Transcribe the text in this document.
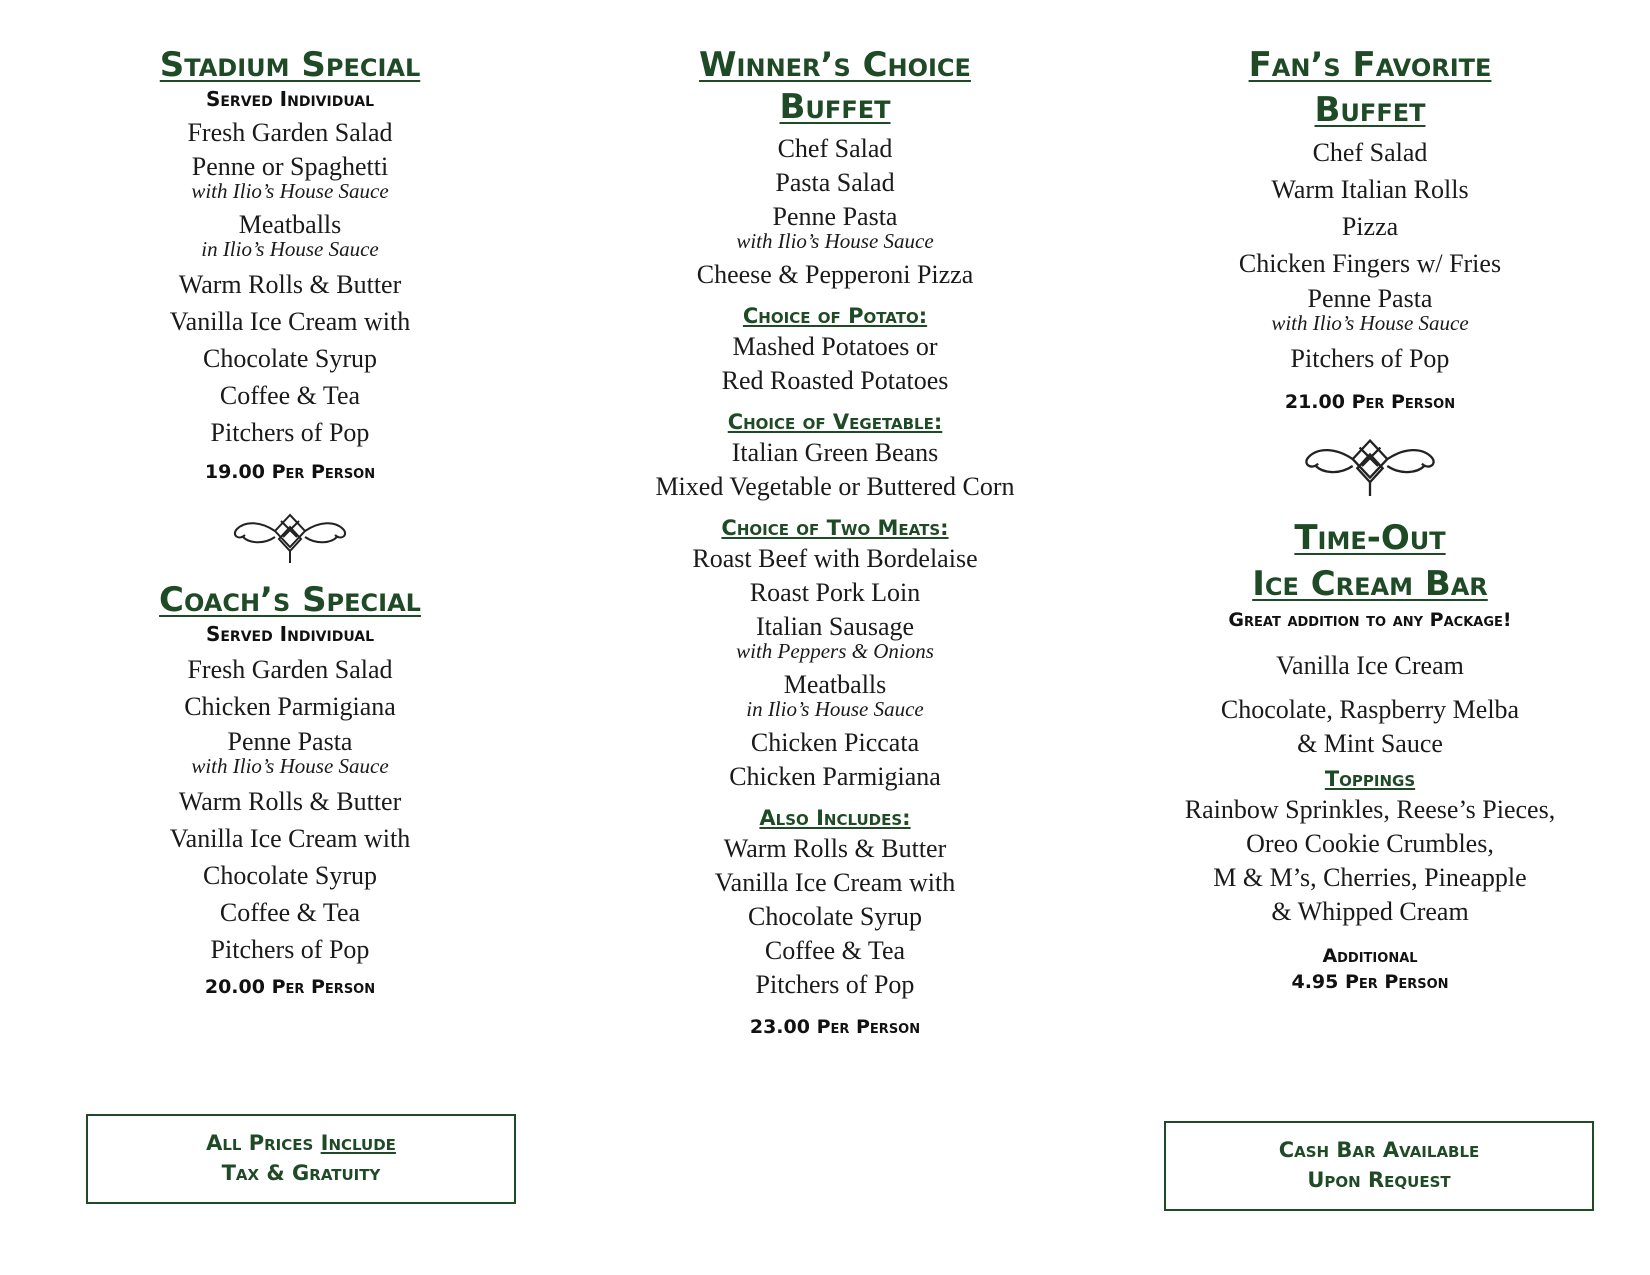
Stadium Special
Served Individual
Fresh Garden Salad
Penne or Spaghetti
with Ilio’s House Sauce
Meatballs
in Ilio’s House Sauce
Warm Rolls & Butter
Vanilla Ice Cream with
Chocolate Syrup
Coffee & Tea
Pitchers of Pop
19.00 Per Person
Coach’s Special
Served Individual
Fresh Garden Salad
Chicken Parmigiana
Penne Pasta
with Ilio’s House Sauce
Warm Rolls & Butter
Vanilla Ice Cream with
Chocolate Syrup
Coffee & Tea
Pitchers of Pop
20.00 Per Person
All Prices Include
Tax & Gratuity
Winner’s Choice
Buffet
Chef Salad
Pasta Salad
Penne Pasta
with Ilio’s House Sauce
Cheese & Pepperoni Pizza
Choice of Potato:
Mashed Potatoes or
Red Roasted Potatoes
Choice of Vegetable:
Italian Green Beans
Mixed Vegetable or Buttered Corn
Choice of Two Meats:
Roast Beef with Bordelaise
Roast Pork Loin
Italian Sausage
with Peppers & Onions
Meatballs
in Ilio’s House Sauce
Chicken Piccata
Chicken Parmigiana
Also Includes:
Warm Rolls & Butter
Vanilla Ice Cream with
Chocolate Syrup
Coffee & Tea
Pitchers of Pop
23.00 Per Person
Fan’s Favorite
Buffet
Chef Salad
Warm Italian Rolls
Pizza
Chicken Fingers w/ Fries
Penne Pasta
with Ilio’s House Sauce
Pitchers of Pop
21.00 Per Person
Time-Out
Ice Cream Bar
Great addition to any Package!
Vanilla Ice Cream
Chocolate, Raspberry Melba
& Mint Sauce
Toppings
Rainbow Sprinkles, Reese’s Pieces,
Oreo Cookie Crumbles,
M & M’s, Cherries, Pineapple
& Whipped Cream
Additional
4.95 Per Person
Cash Bar Available
Upon Request
